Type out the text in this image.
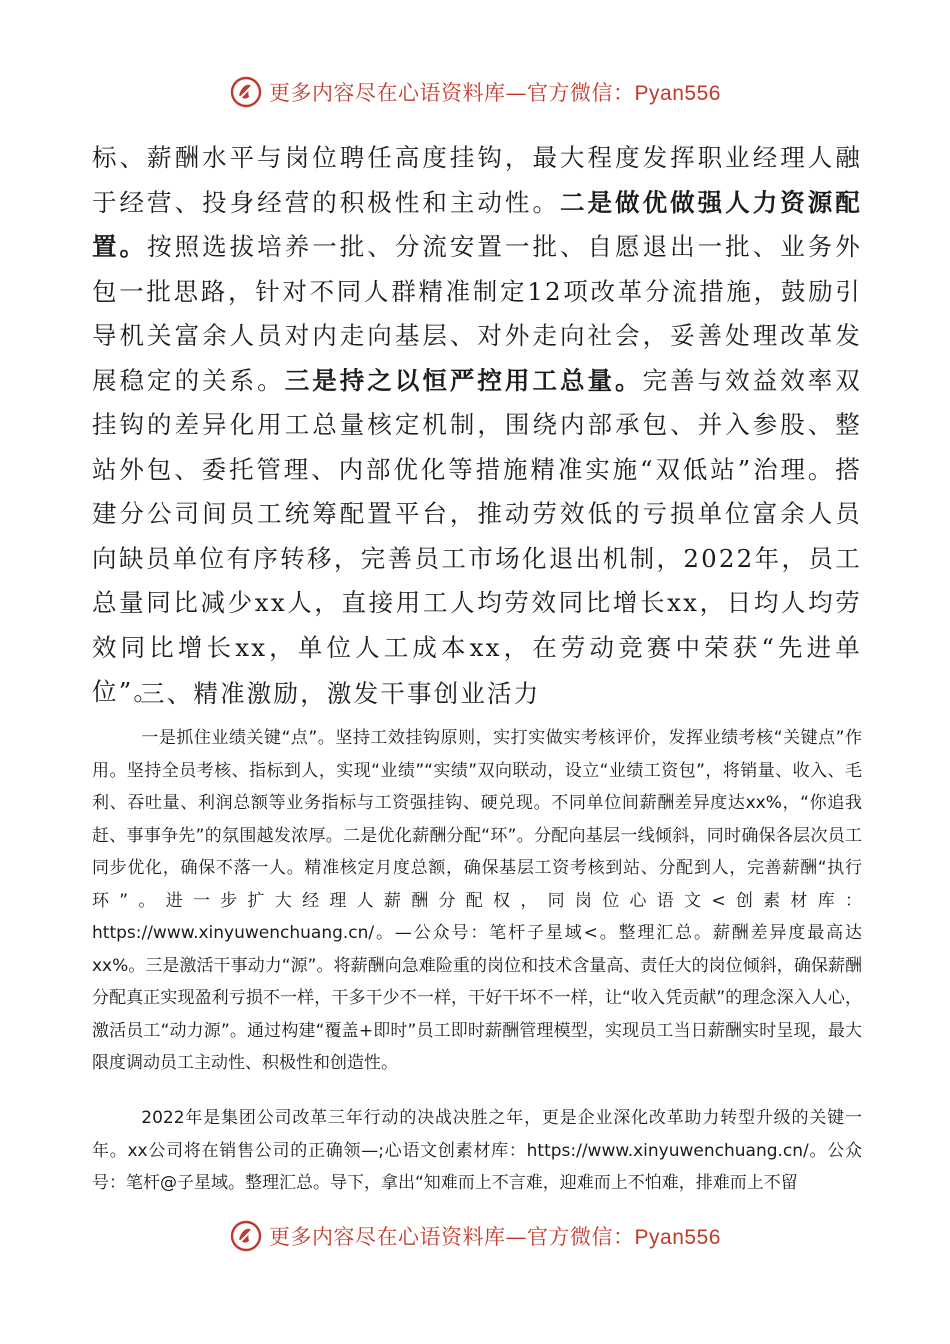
更多内容尽在心语资料库—官方微信：Pyan556
标、薪酬水平与岗位聘任高度挂钩，最大程度发挥职业经理人融于经营、投身经营的积极性和主动性。二是做优做强人力资源配置。按照选拔培养一批、分流安置一批、自愿退出一批、业务外包一批思路，针对不同人群精准制定12项改革分流措施，鼓励引导机关富余人员对内走向基层、对外走向社会，妥善处理改革发展稳定的关系。三是持之以恒严控用工总量。完善与效益效率双挂钩的差异化用工总量核定机制，围绕内部承包、并入参股、整站外包、委托管理、内部优化等措施精准实施“双低站”治理。搭建分公司间员工统筹配置平台，推动劳效低的亏损单位富余人员向缺员单位有序转移，完善员工市场化退出机制，2022年，员工总量同比减少xx人，直接用工人均劳效同比增长xx，日均人均劳效同比增长xx，单位人工成本xx，在劳动竞赛中荣获“先进单位”。
三、精准激励，激发干事创业活力
一是抓住业绩关键“点”。坚持工效挂钩原则，实打实做实考核评价，发挥业绩考核“关键点”作用。坚持全员考核、指标到人，实现“业绩”“实绩”双向联动，设立“业绩工资包”，将销量、收入、毛利、吞吐量、利润总额等业务指标与工资强挂钩、硬兑现。不同单位间薪酬差异度达xx%，“你追我赶、事事争先”的氛围越发浓厚。二是优化薪酬分配“环”。分配向基层一线倾斜，同时确保各层次员工同步优化，确保不落一人。精准核定月度总额，确保基层工资考核到站、分配到人，完善薪酬“执行环”。进一步扩大经理人薪酬分配权，同岗位心语文<创素材库：https://www.xinyuwenchuang.cn/。—公众号：笔杆子星域<。整理汇总。薪酬差异度最高达xx%。三是激活干事动力“源”。将薪酬向急难险重的岗位和技术含量高、责任大的岗位倾斜，确保薪酬分配真正实现盈利亏损不一样，干多干少不一样，干好干坏不一样，让“收入凭贡献”的理念深入人心，激活员工“动力源”。通过构建“覆盖+即时”员工即时薪酬管理模型，实现员工当日薪酬实时呈现，最大限度调动员工主动性、积极性和创造性。
2022年是集团公司改革三年行动的决战决胜之年，更是企业深化改革助力转型升级的关键一年。xx公司将在销售公司的正确领—;心语文创素材库：https://www.xinyuwenchuang.cn/。公众号：笔杆@子星域。整理汇总。导下，拿出“知难而上不言难，迎难而上不怕难，排难而上不留
更多内容尽在心语资料库—官方微信：Pyan556
